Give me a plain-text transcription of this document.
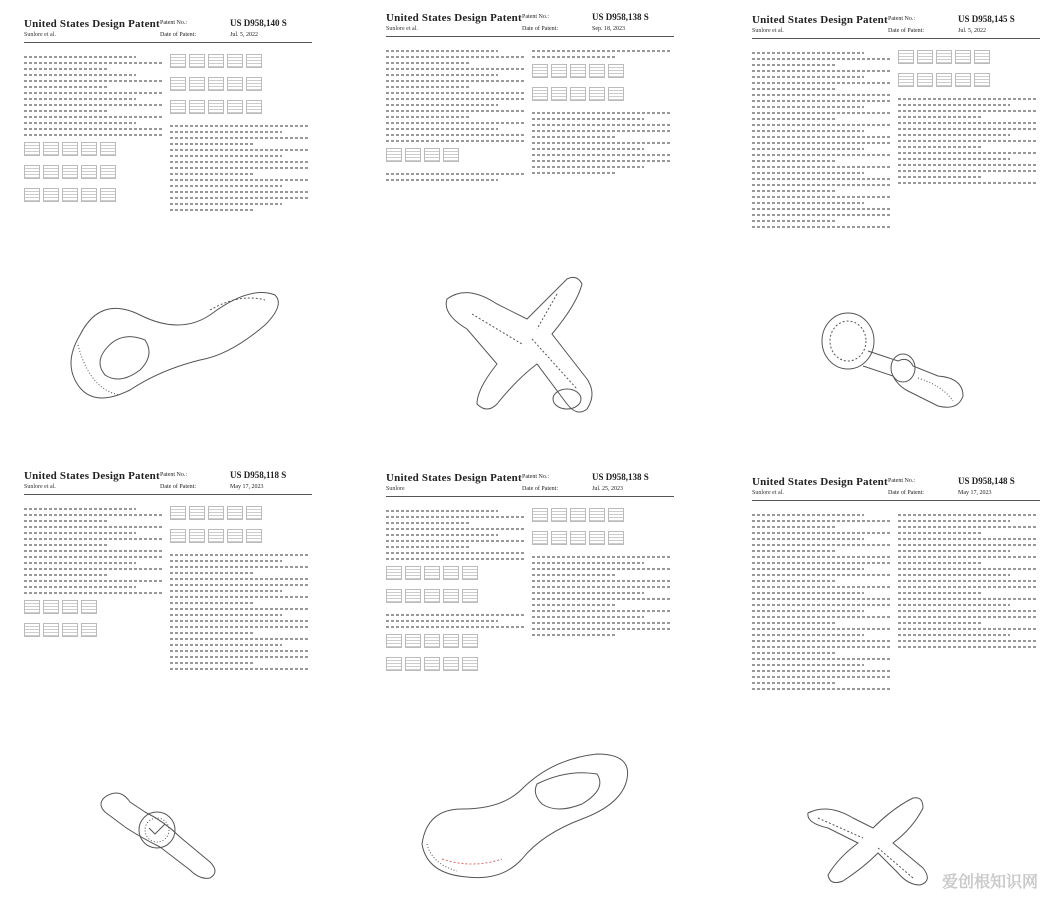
United States Design Patent
Sunlore et al.
Patent No.:
Date of Patent:
US D958,140 S
Jul. 5, 2022
United States Design Patent
Sunlore et al.
Patent No.:
Date of Patent:
US D958,138 S
Sep. 18, 2023
United States Design Patent
Sunlore et al.
Patent No.:
Date of Patent:
US D958,145 S
Jul. 5, 2022
United States Design Patent
Sunlore et al.
Patent No.:
Date of Patent:
US D958,118 S
May 17, 2023
United States Design Patent
Sunlore
Patent No.:
Date of Patent:
US D958,138 S
Jul. 25, 2023
United States Design Patent
Sunlore et al.
Patent No.:
Date of Patent:
US D958,148 S
May 17, 2023
爱创根知识网
